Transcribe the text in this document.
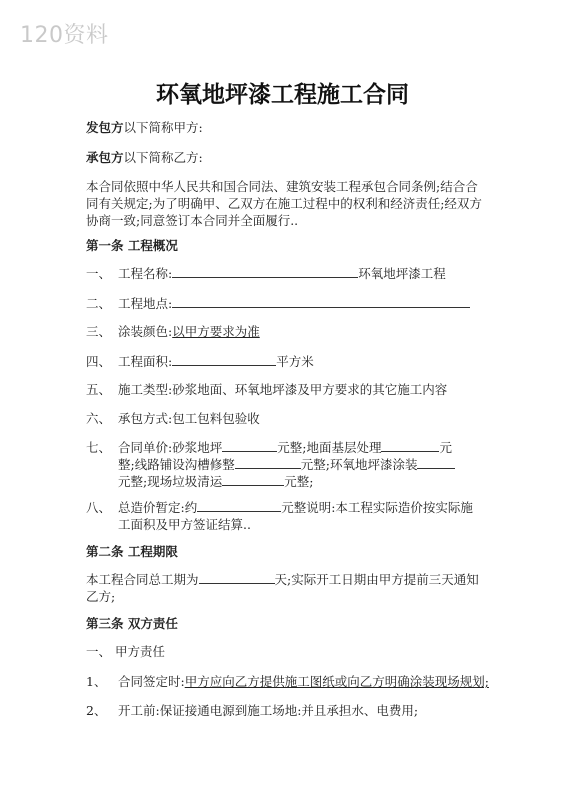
120资料
环氧地坪漆工程施工合同
发包方以下简称甲方:
承包方以下简称乙方:
本合同依照中华人民共和国合同法、建筑安装工程承包合同条例;结合合同有关规定;为了明确甲、乙双方在施工过程中的权利和经济责任;经双方协商一致;同意签订本合同并全面履行..
第一条 工程概况
一、 工程名称:	环氧地坪漆工程
二、 工程地点:
三、 涂装颜色:以甲方要求为准
四、 工程面积:	平方米
五、 施工类型:砂浆地面、环氧地坪漆及甲方要求的其它施工内容
六、 承包方式:包工包料包验收
七、 合同单价:砂浆地坪	元整;地面基层处理	元
整;线路铺设沟槽修整	元整;环氧地坪漆涂装
元整;现场垃圾清运	元整;
八、 总造价暂定:约	元整说明:本工程实际造价按实际施工面积及甲方签证结算..
第二条 工程期限
本工程合同总工期为	天;实际开工日期由甲方提前三天通知乙方;
第三条 双方责任
一、 甲方责任
1、 合同签定时:甲方应向乙方提供施工图纸或向乙方明确涂装现场规划;
2、 开工前:保证接通电源到施工场地:并且承担水、电费用;
